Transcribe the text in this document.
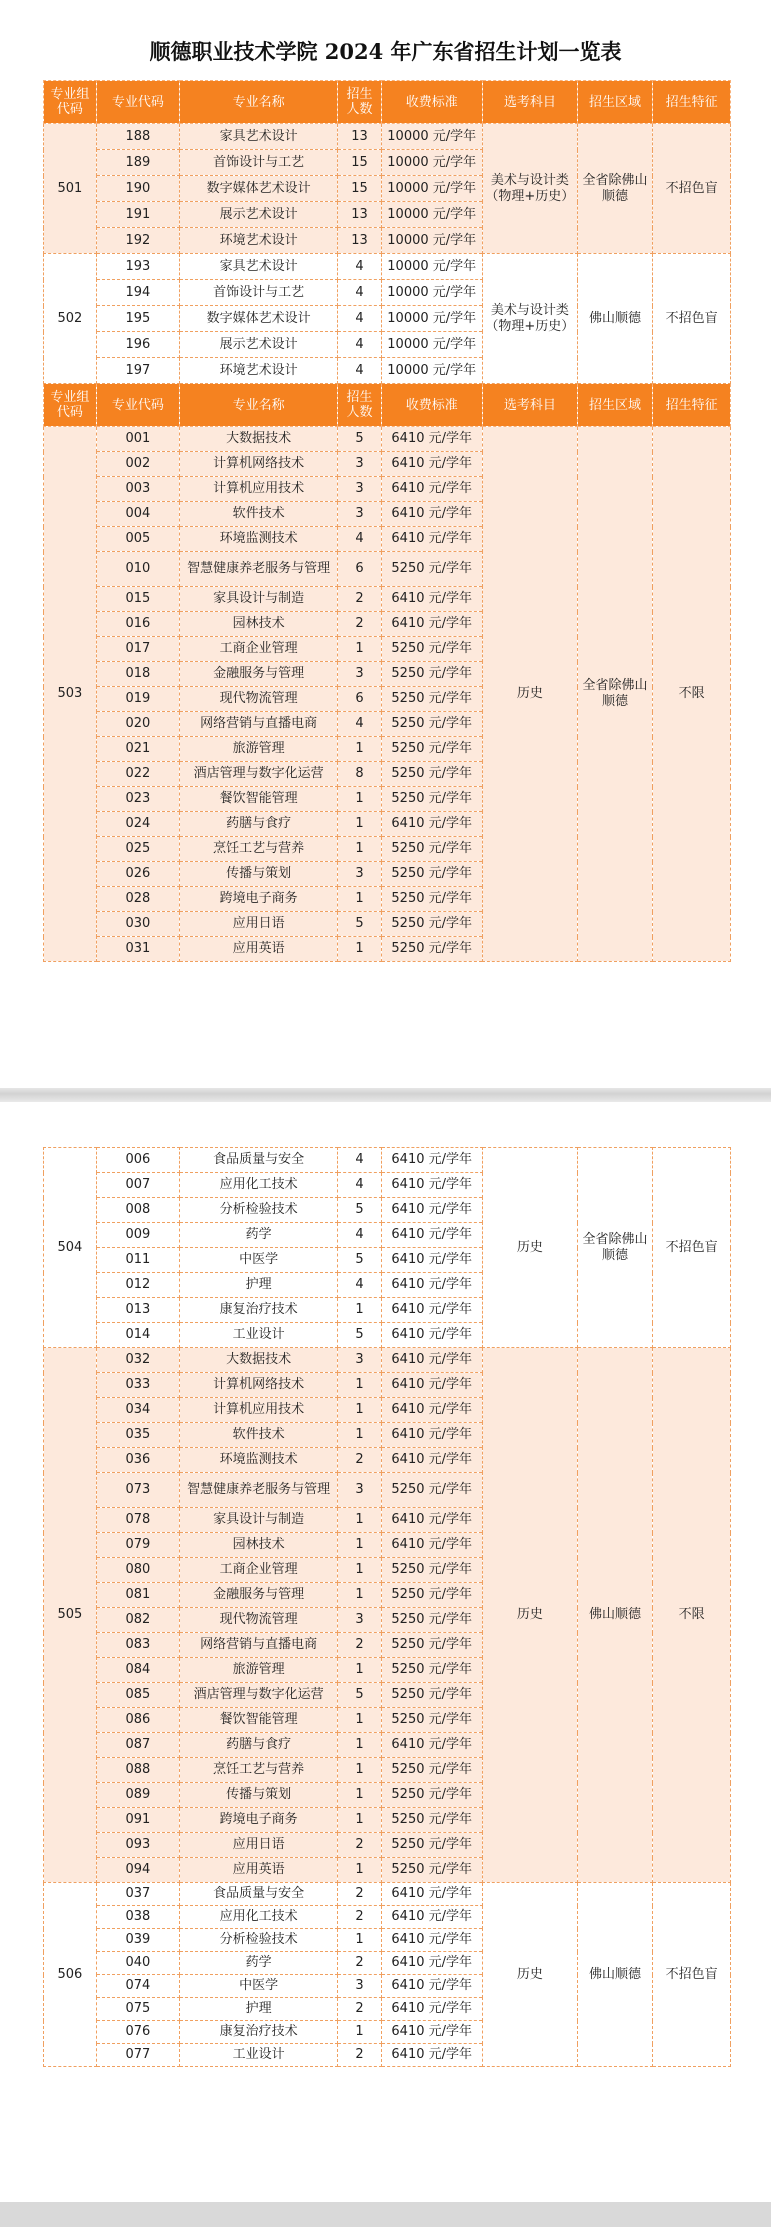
顺德职业技术学院 2024 年广东省招生计划一览表
专业组代码	专业代码	专业名称	招生人数	收费标准	选考科目	招生区域	招生特征
501	188	家具艺术设计	13	10000 元/学年	美术与设计类（物理+历史）	全省除佛山顺德	不招色盲
	189	首饰设计与工艺	15	10000 元/学年			
	190	数字媒体艺术设计	15	10000 元/学年			
	191	展示艺术设计	13	10000 元/学年			
	192	环境艺术设计	13	10000 元/学年			
502	193	家具艺术设计	4	10000 元/学年	美术与设计类（物理+历史）	佛山顺德	不招色盲
	194	首饰设计与工艺	4	10000 元/学年			
	195	数字媒体艺术设计	4	10000 元/学年			
	196	展示艺术设计	4	10000 元/学年			
	197	环境艺术设计	4	10000 元/学年			
专业组代码	专业代码	专业名称	招生人数	收费标准	选考科目	招生区域	招生特征
503	001	大数据技术	5	6410 元/学年	历史	全省除佛山顺德	不限
	002	计算机网络技术	3	6410 元/学年			
	003	计算机应用技术	3	6410 元/学年			
	004	软件技术	3	6410 元/学年			
	005	环境监测技术	4	6410 元/学年			
	010	智慧健康养老服务与管理	6	5250 元/学年			
	015	家具设计与制造	2	6410 元/学年			
	016	园林技术	2	6410 元/学年			
	017	工商企业管理	1	5250 元/学年			
	018	金融服务与管理	3	5250 元/学年			
	019	现代物流管理	6	5250 元/学年			
	020	网络营销与直播电商	4	5250 元/学年			
	021	旅游管理	1	5250 元/学年			
	022	酒店管理与数字化运营	8	5250 元/学年			
	023	餐饮智能管理	1	5250 元/学年			
	024	药膳与食疗	1	6410 元/学年			
	025	烹饪工艺与营养	1	5250 元/学年			
	026	传播与策划	3	5250 元/学年			
	028	跨境电子商务	1	5250 元/学年			
	030	应用日语	5	5250 元/学年			
	031	应用英语	1	5250 元/学年			
504	006	食品质量与安全	4	6410 元/学年	历史	全省除佛山顺德	不招色盲
	007	应用化工技术	4	6410 元/学年			
	008	分析检验技术	5	6410 元/学年			
	009	药学	4	6410 元/学年			
	011	中医学	5	6410 元/学年			
	012	护理	4	6410 元/学年			
	013	康复治疗技术	1	6410 元/学年			
	014	工业设计	5	6410 元/学年			
505	032	大数据技术	3	6410 元/学年	历史	佛山顺德	不限
	033	计算机网络技术	1	6410 元/学年			
	034	计算机应用技术	1	6410 元/学年			
	035	软件技术	1	6410 元/学年			
	036	环境监测技术	2	6410 元/学年			
	073	智慧健康养老服务与管理	3	5250 元/学年			
	078	家具设计与制造	1	6410 元/学年			
	079	园林技术	1	6410 元/学年			
	080	工商企业管理	1	5250 元/学年			
	081	金融服务与管理	1	5250 元/学年			
	082	现代物流管理	3	5250 元/学年			
	083	网络营销与直播电商	2	5250 元/学年			
	084	旅游管理	1	5250 元/学年			
	085	酒店管理与数字化运营	5	5250 元/学年			
	086	餐饮智能管理	1	5250 元/学年			
	087	药膳与食疗	1	6410 元/学年			
	088	烹饪工艺与营养	1	5250 元/学年			
	089	传播与策划	1	5250 元/学年			
	091	跨境电子商务	1	5250 元/学年			
	093	应用日语	2	5250 元/学年			
	094	应用英语	1	5250 元/学年			
506	037	食品质量与安全	2	6410 元/学年	历史	佛山顺德	不招色盲
	038	应用化工技术	2	6410 元/学年			
	039	分析检验技术	1	6410 元/学年			
	040	药学	2	6410 元/学年			
	074	中医学	3	6410 元/学年			
	075	护理	2	6410 元/学年			
	076	康复治疗技术	1	6410 元/学年			
	077	工业设计	2	6410 元/学年			
